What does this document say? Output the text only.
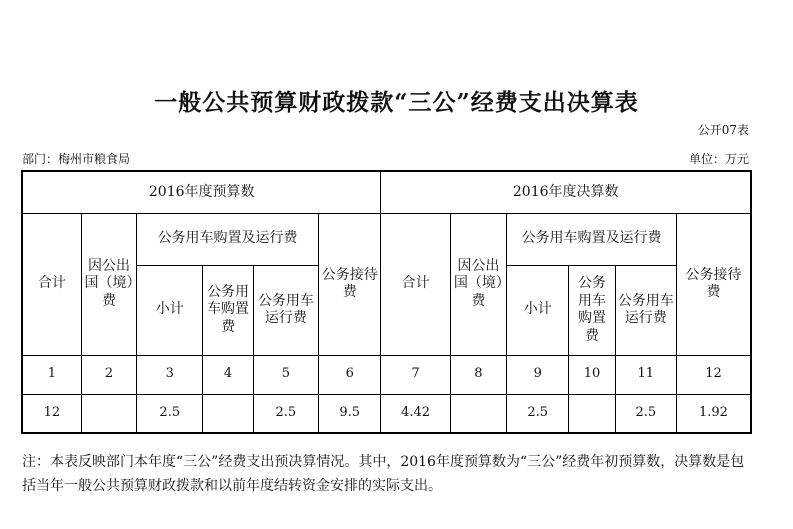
一般公共预算财政拨款“三公”经费支出决算表
公开07表
部门：梅州市粮食局	单位：万元
2016年度预算数						2016年度决算数					
合计	因公出国（境）费	公务用车购置及运行费			公务接待费	合计	因公出国（境）费	公务用车购置及运行费			公务接待费
		小计	公务用车购置费	公务用车运行费				小计	公务用车购置费	公务用车运行费	
1	2	3	4	5	6	7	8	9	10	11	12
12		2.5		2.5	9.5	4.42		2.5		2.5	1.92
注：本表反映部门本年度“三公”经费支出预决算情况。其中，2016年度预算数为“三公”经费年初预算数，决算数是包括当年一般公共预算财政拨款和以前年度结转资金安排的实际支出。
